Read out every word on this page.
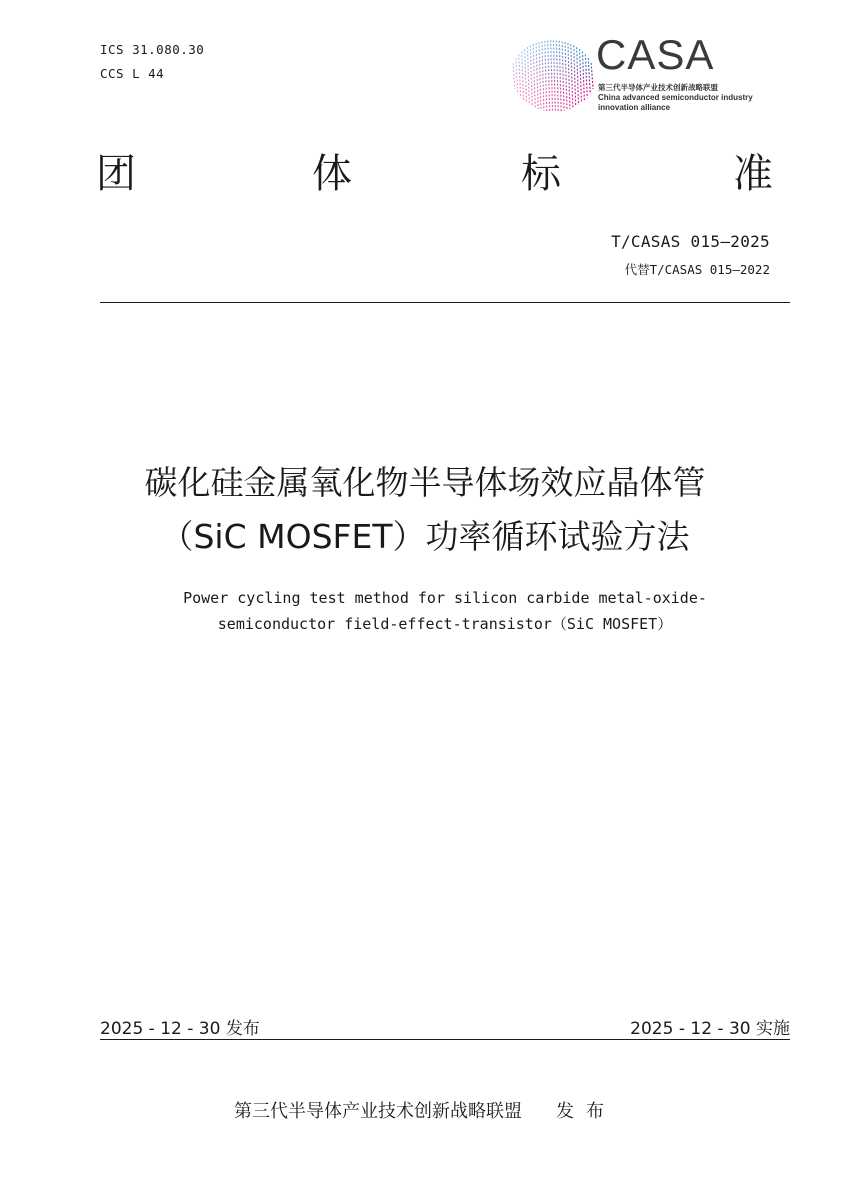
ICS 31.080.30
CCS L 44	CASA
第三代半导体产业技术创新战略联盟
China advanced semiconductor industry
innovation alliance
团	体	标	准
T/CASAS 015—2025
代替T/CASAS 015—2022
碳化硅金属氧化物半导体场效应晶体管
（SiC MOSFET）功率循环试验方法
Power cycling test method for silicon carbide metal-oxide-
semiconductor field-effect-transistor（SiC MOSFET）
2025 - 12 - 30 发布	2025 - 12 - 30 实施
第三代半导体产业技术创新战略联盟 发布
